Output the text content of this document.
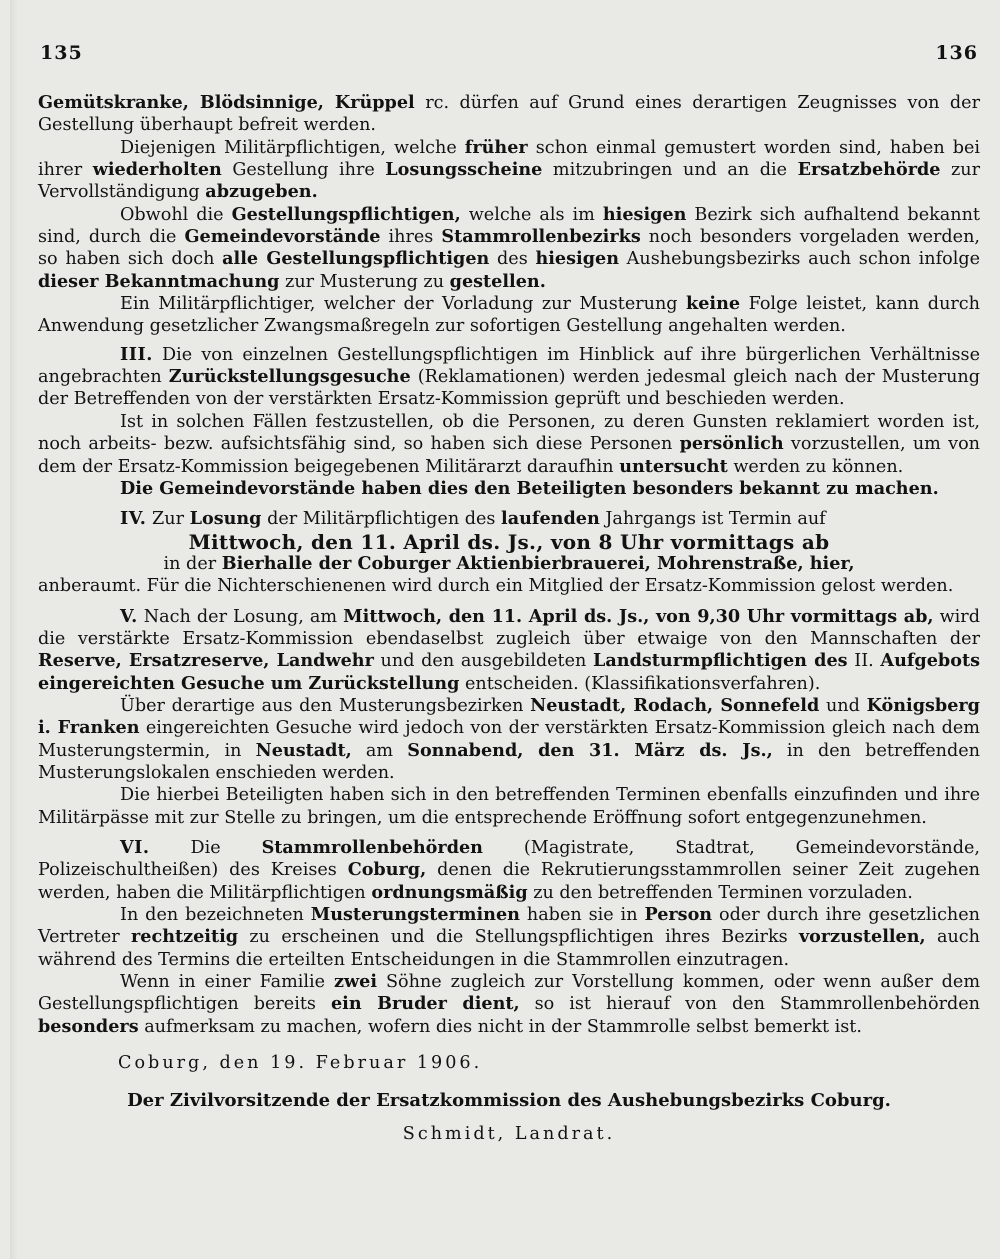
135	136

Gemütskranke, Blödsinnige, Krüppel rc. dürfen auf Grund eines derartigen Zeugnisses von der Gestellung überhaupt befreit werden.

Diejenigen Militärpflichtigen, welche früher schon einmal gemustert worden sind, haben bei ihrer wiederholten Gestellung ihre Losungsscheine mitzubringen und an die Ersatzbehörde zur Vervollständigung abzugeben.

Obwohl die Gestellungspflichtigen, welche als im hiesigen Bezirk sich aufhaltend bekannt sind, durch die Gemeindevorstände ihres Stammrollenbezirks noch besonders vorgeladen werden, so haben sich doch alle Gestellungspflichtigen des hiesigen Aushebungsbezirks auch schon infolge dieser Bekanntmachung zur Musterung zu gestellen.

Ein Militärpflichtiger, welcher der Vorladung zur Musterung keine Folge leistet, kann durch Anwendung gesetzlicher Zwangsmaßregeln zur sofortigen Gestellung angehalten werden.

III. Die von einzelnen Gestellungspflichtigen im Hinblick auf ihre bürgerlichen Verhältnisse angebrachten Zurückstellungsgesuche (Reklamationen) werden jedesmal gleich nach der Musterung der Betreffenden von der verstärkten Ersatz-Kommission geprüft und beschieden werden.

Ist in solchen Fällen festzustellen, ob die Personen, zu deren Gunsten reklamiert worden ist, noch arbeits- bezw. aufsichtsfähig sind, so haben sich diese Personen persönlich vorzustellen, um von dem der Ersatz-Kommission beigegebenen Militärarzt daraufhin untersucht werden zu können.

Die Gemeindevorstände haben dies den Beteiligten besonders bekannt zu machen.

IV. Zur Losung der Militärpflichtigen des laufenden Jahrgangs ist Termin auf

Mittwoch, den 11. April ds. Js., von 8 Uhr vormittags ab

in der Bierhalle der Coburger Aktienbierbrauerei, Mohrenstraße, hier,

anberaumt. Für die Nichterschienenen wird durch ein Mitglied der Ersatz-Kommission gelost werden.

V. Nach der Losung, am Mittwoch, den 11. April ds. Js., von 9,30 Uhr vormittags ab, wird die verstärkte Ersatz-Kommission ebendaselbst zugleich über etwaige von den Mannschaften der Reserve, Ersatzreserve, Landwehr und den ausgebildeten Landsturmpflichtigen des II. Aufgebots eingereichten Gesuche um Zurückstellung entscheiden. (Klassifikationsverfahren).

Über derartige aus den Musterungsbezirken Neustadt, Rodach, Sonnefeld und Königsberg i. Franken eingereichten Gesuche wird jedoch von der verstärkten Ersatz-Kommission gleich nach dem Musterungstermin, in Neustadt, am Sonnabend, den 31. März ds. Js., in den betreffenden Musterungslokalen enschieden werden.

Die hierbei Beteiligten haben sich in den betreffenden Terminen ebenfalls einzufinden und ihre Militärpässe mit zur Stelle zu bringen, um die entsprechende Eröffnung sofort entgegenzunehmen.

VI. Die Stammrollenbehörden (Magistrate, Stadtrat, Gemeindevorstände, Polizeischultheißen) des Kreises Coburg, denen die Rekrutierungsstammrollen seiner Zeit zugehen werden, haben die Militärpflichtigen ordnungsmäßig zu den betreffenden Terminen vorzuladen.

In den bezeichneten Musterungsterminen haben sie in Person oder durch ihre gesetzlichen Vertreter rechtzeitig zu erscheinen und die Stellungspflichtigen ihres Bezirks vorzustellen, auch während des Termins die erteilten Entscheidungen in die Stammrollen einzutragen.

Wenn in einer Familie zwei Söhne zugleich zur Vorstellung kommen, oder wenn außer dem Gestellungspflichtigen bereits ein Bruder dient, so ist hierauf von den Stammrollenbehörden besonders aufmerksam zu machen, wofern dies nicht in der Stammrolle selbst bemerkt ist.

Coburg, den 19. Februar 1906.

Der Zivilvorsitzende der Ersatzkommission des Aushebungsbezirks Coburg.

Schmidt, Landrat.
